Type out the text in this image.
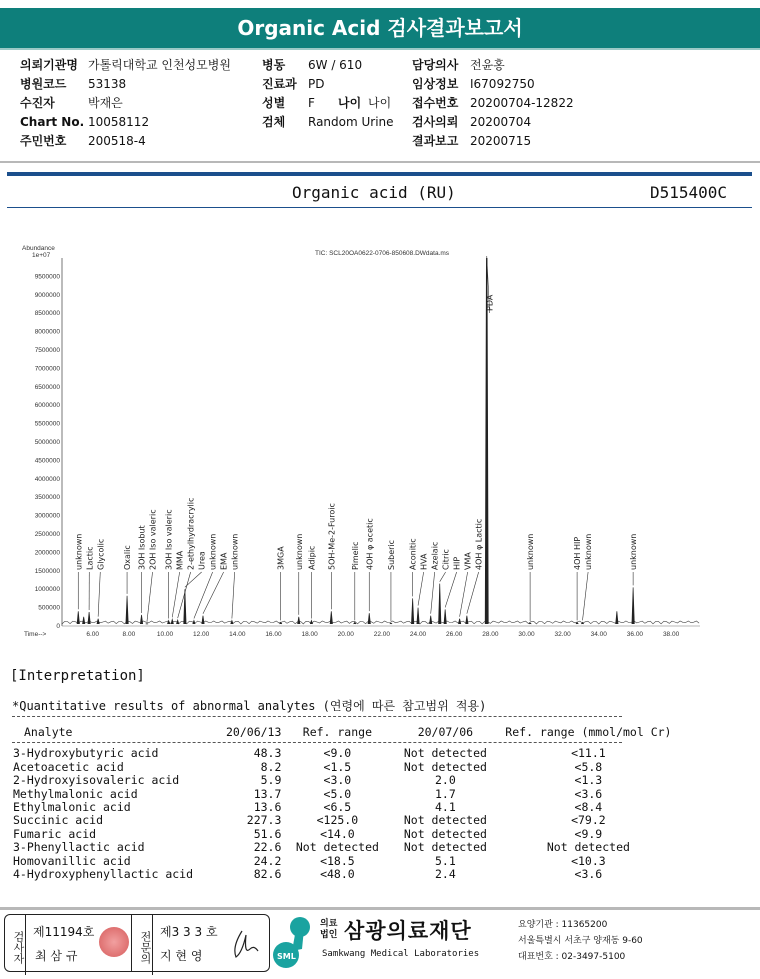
Organic Acid 검사결과보고서
의뢰기관명 가톨릭대학교 인천성모병원
병원코드 53138
수진자	박재은
Chart No. 10058112
주민번호 200518-4
병동 6W / 610
진료과 PD
성별 F 나이 나이
검체 Random Urine
담당의사 전윤홍
임상정보 I67092750
접수번호 20200704-12822
검사의뢰 20200704
결과보고 20200715
Organic acid (RU)	D515400C
Abundance
1e+07	TIC: SCL20OA0622-0706-850608.DWdata.ms
500000
1000000
1500000
2000000
2500000
3000000
3500000
4000000
4500000
5000000
5500000
6000000
6500000
7000000
7500000
8000000
8500000
9000000
9500000
0
Time-->	6.00	8.00	10.00	12.00	14.00	16.00	18.00	20.00	22.00	24.00	26.00	28.00	30.00	32.00	34.00	36.00	38.00
unknown Lactic Glycolic Oxalic 3OH Isobut 2OH Iso valeric 3OH Iso valeric MMA 2-ethylhydracrylic Urea unknown EMA unknown	3MGA unknown Adipic 5OH-Me-2-Furoic Pimelic 4OH φ acetic Suberic Aconitic HVA Azelaic Citric HIP VMA 4OH φ Lactic
PDA
unknown	4OH HIP unknown	unknown
[Interpretation]
*Quantitative results of abnormal analytes (연령에 따른 참고범위 적용)
Analyte	20/06/13	Ref. range	20/07/06	Ref. range (mmol/mol Cr)
3-Hydroxybutyric acid	48.3	<9.0	Not detected	<11.1
Acetoacetic acid	8.2	<1.5	Not detected	<5.8
2-Hydroxyisovaleric acid	5.9	<3.0	2.0	<1.3
Methylmalonic acid	13.7	<5.0	1.7	<3.6
Ethylmalonic acid	13.6	<6.5	4.1	<8.4
Succinic acid	227.3	<125.0	Not detected	<79.2
Fumaric acid	51.6	<14.0	Not detected	<9.9
3-Phenyllactic acid	22.6	Not detected	Not detected	Not detected
Homovanillic acid	24.2	<18.5	5.1	<10.3
4-Hydroxyphenyllactic acid	82.6	<48.0	2.4	<3.6
검사자 제11194호
최 삼 규	전문의 제3 3 3 호
지 현 영	SML
의료법인 삼광의료재단
Samkwang Medical Laboratories
요양기관 : 11365200
서울특별시 서초구 양재동 9-60
대표번호 : 02-3497-5100
